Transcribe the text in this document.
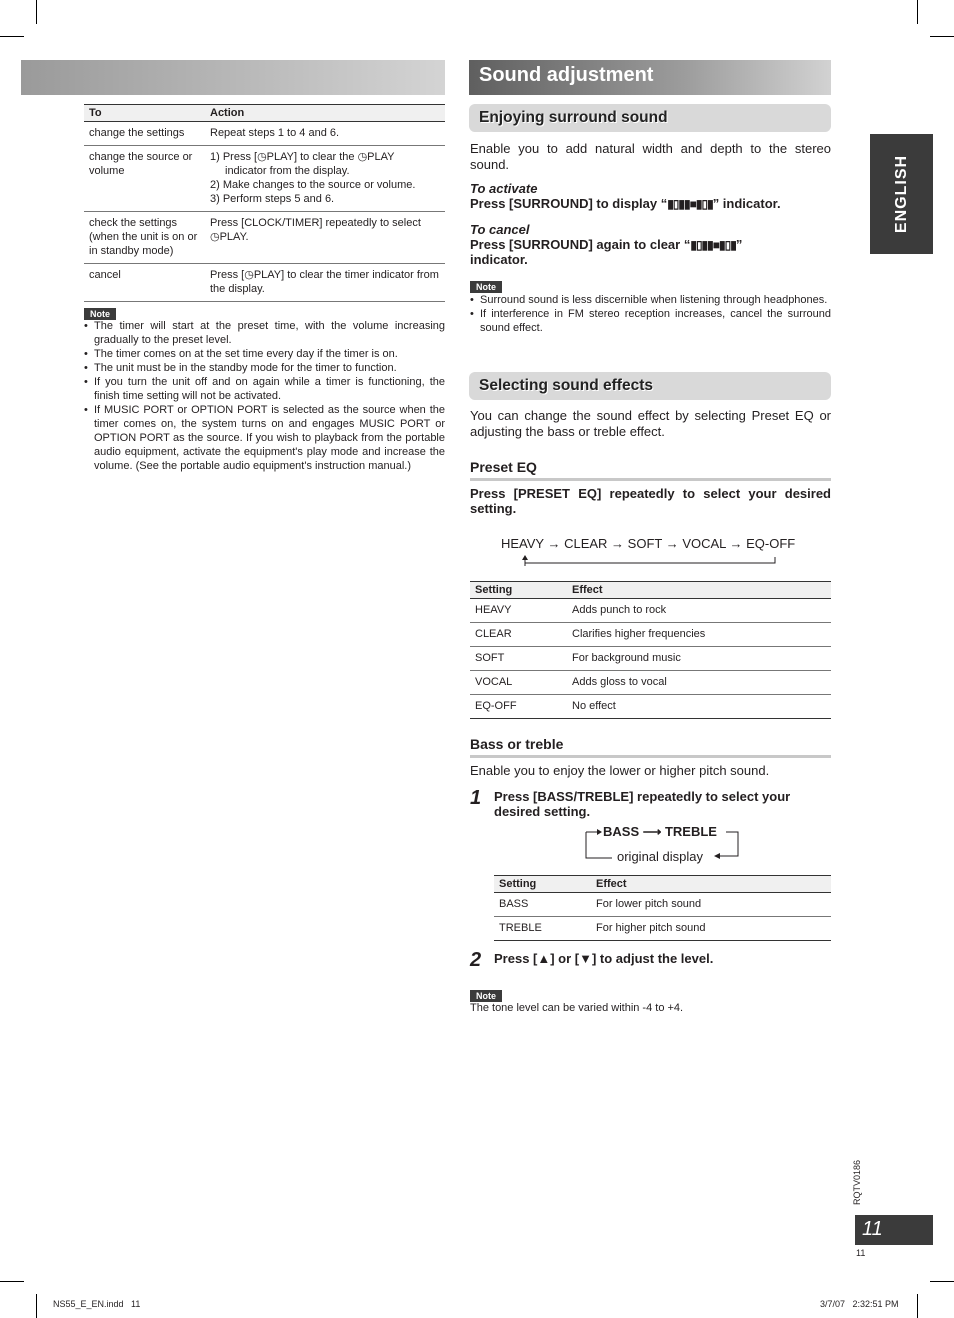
Sound adjustment
ENGLISH
To	Action
change the settings	Repeat steps 1 to 4 and 6.
change the source or volume	1) Press [◷PLAY] to clear the ◷PLAY
indicator from the display.
2) Make changes to the source or volume.
3) Perform steps 5 and 6.

check the settings (when the unit is on or in standby mode)	Press [CLOCK/TIMER] repeatedly to select ◷PLAY.
cancel	Press [◷PLAY] to clear the timer indicator from the display.
Note
• The timer will start at the preset time, with the volume increasing gradually to the preset level.
• The timer comes on at the set time every day if the timer is on.
• The unit must be in the standby mode for the timer to function.
• If you turn the unit off and on again while a timer is functioning, the finish time setting will not be activated.
• If MUSIC PORT or OPTION PORT is selected as the source when the timer comes on, the system turns on and engages MUSIC PORT or OPTION PORT as the source. If you wish to playback from the portable audio equipment, activate the equipment's play mode and increase the volume. (See the portable audio equipment's instruction manual.)
Enjoying surround sound
Enable you to add natural width and depth to the stereo sound.
To activate
Press [SURROUND] to display “▮▯▮▮■▮▯▮” indicator.
To cancel
Press [SURROUND] again to clear “▮▯▮▮■▮▯▮”
indicator.
Note
• Surround sound is less discernible when listening through headphones.
• If interference in FM stereo reception increases, cancel the surround sound effect.
Selecting sound effects
You can change the sound effect by selecting Preset EQ or adjusting the bass or treble effect.
Preset EQ
Press [PRESET EQ] repeatedly to select your desired setting.
HEAVY → CLEAR → SOFT → VOCAL → EQ-OFF
Setting	Effect
HEAVY	Adds punch to rock
CLEAR	Clarifies higher frequencies
SOFT	For background music
VOCAL	Adds gloss to vocal
EQ-OFF	No effect
Bass or treble
Enable you to enjoy the lower or higher pitch sound.
1 Press [BASS/TREBLE] repeatedly to select your desired setting.
BASS ⟶ TREBLE
original display
Setting	Effect
BASS	For lower pitch sound
TREBLE	For higher pitch sound
2 Press [▲] or [▼] to adjust the level.
Note
The tone level can be varied within -4 to +4.
RQTV0186
11
11
NS55_E_EN.indd   11	3/7/07   2:32:51 PM
